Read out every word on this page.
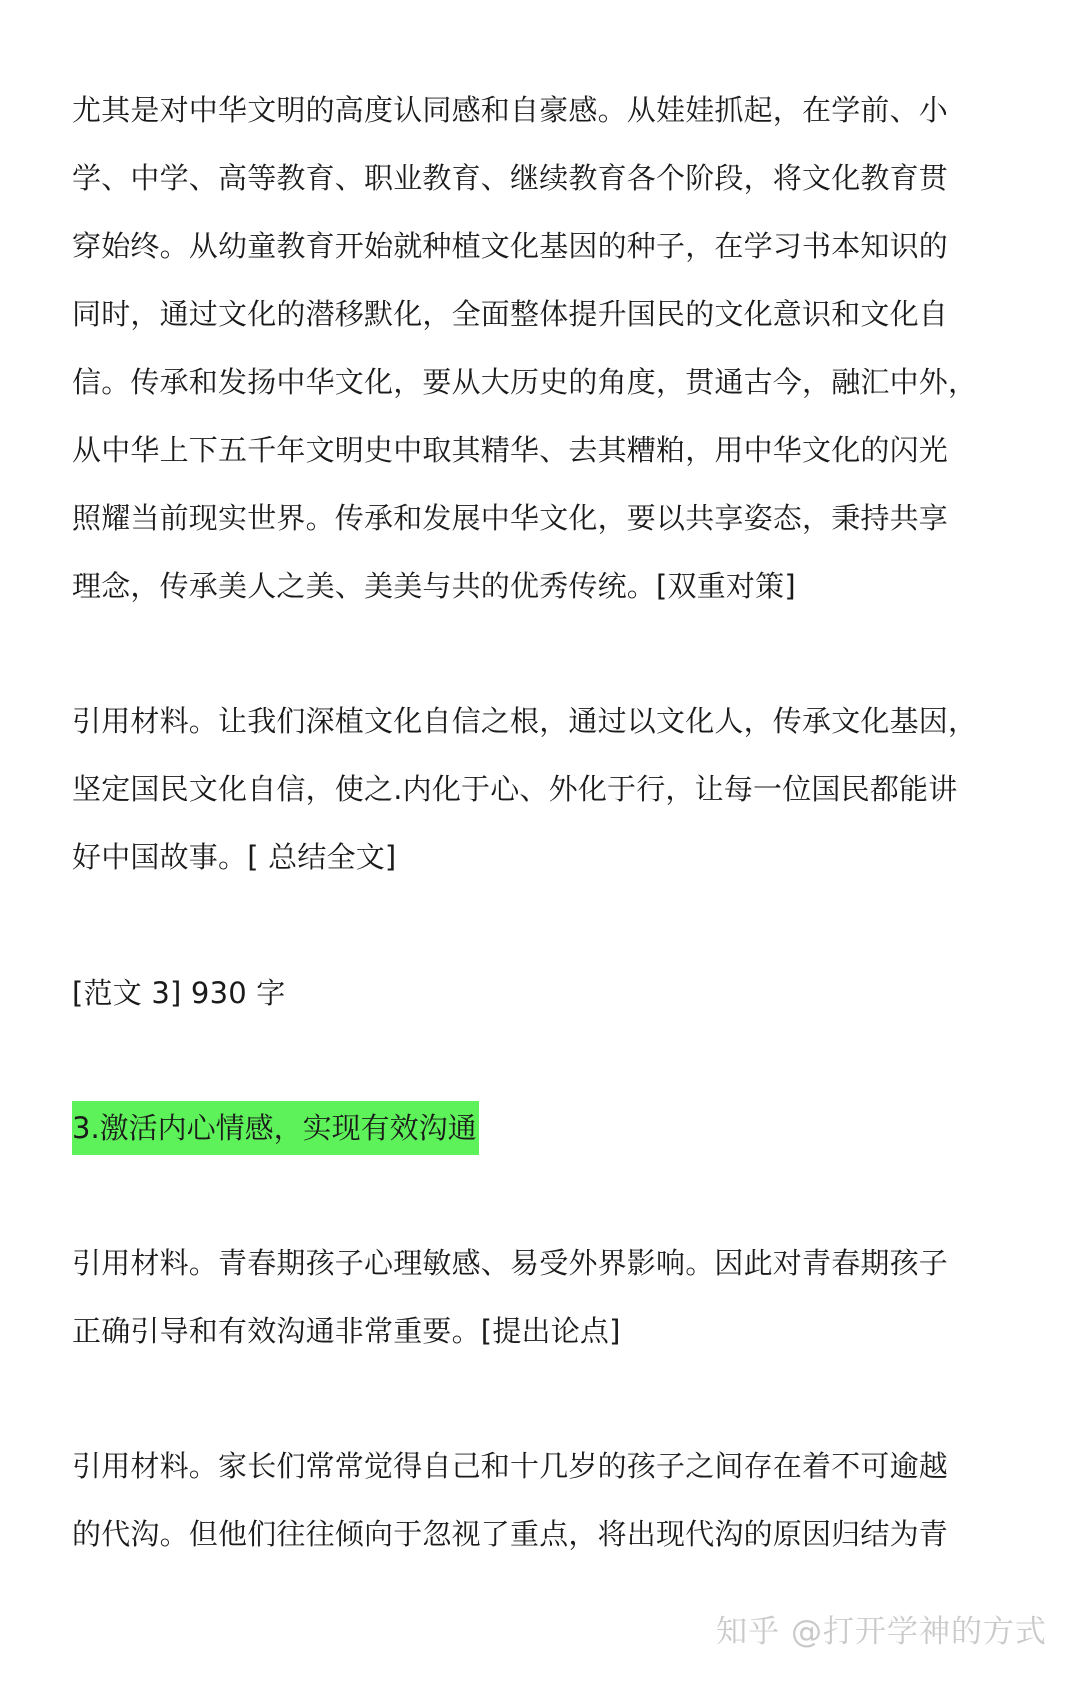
尤其是对中华文明的高度认同感和自豪感。从娃娃抓起，在学前、小
学、中学、高等教育、职业教育、继续教育各个阶段，将文化教育贯
穿始终。从幼童教育开始就种植文化基因的种子，在学习书本知识的
同时，通过文化的潜移默化，全面整体提升国民的文化意识和文化自
信。传承和发扬中华文化，要从大历史的角度，贯通古今，融汇中外，
从中华上下五千年文明史中取其精华、去其糟粕，用中华文化的闪光
照耀当前现实世界。传承和发展中华文化，要以共享姿态，秉持共享
理念，传承美人之美、美美与共的优秀传统。[双重对策]
引用材料。让我们深植文化自信之根，通过以文化人，传承文化基因，
坚定国民文化自信，使之.内化于心、外化于行，让每一位国民都能讲
好中国故事。[ 总结全文]
[范文 3] 930 字
3.激活内心情感，实现有效沟通
引用材料。青春期孩子心理敏感、易受外界影响。因此对青春期孩子
正确引导和有效沟通非常重要。[提出论点]
引用材料。家长们常常觉得自己和十几岁的孩子之间存在着不可逾越
的代沟。但他们往往倾向于忽视了重点，将出现代沟的原因归结为青
知乎 @打开学神的方式
